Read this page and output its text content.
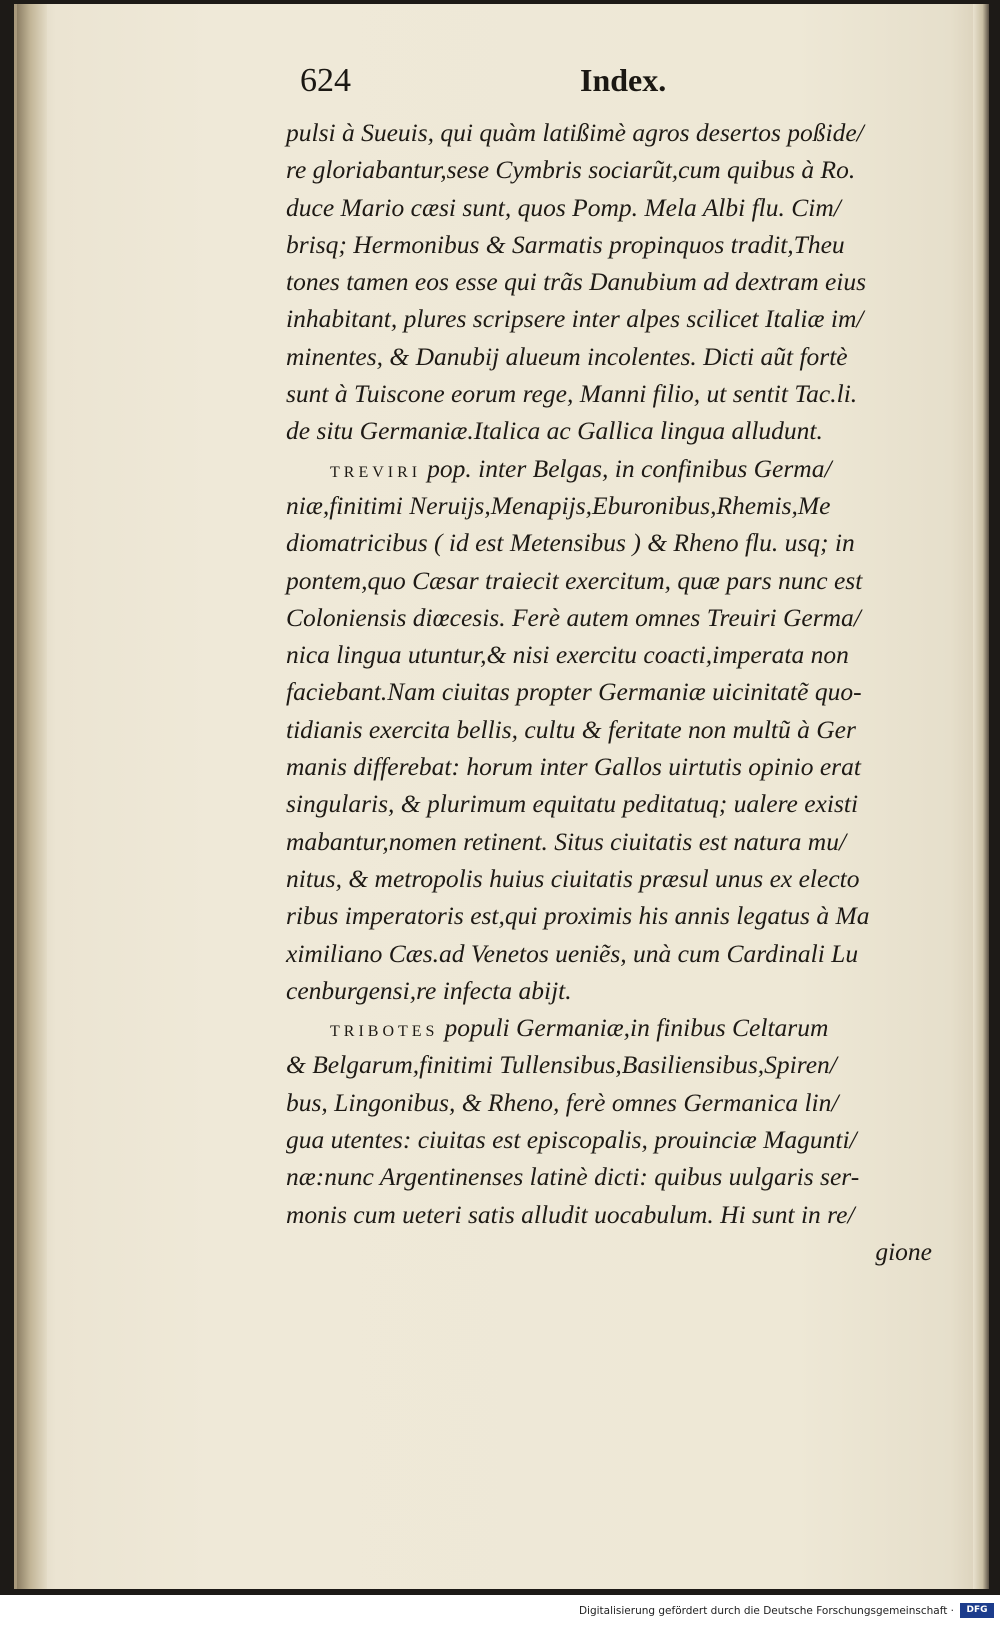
624	Index.
pulsi à Sueuis, qui quàm latißimè agros desertos poßide/
re gloriabantur,sese Cymbris sociarũt,cum quibus à Ro.
duce Mario cæsi sunt, quos Pomp. Mela Albi flu. Cim/
brisq; Hermonibus & Sarmatis propinquos tradit,Theu
tones tamen eos esse qui trãs Danubium ad dextram eius
inhabitant, plures scripsere inter alpes scilicet Italiæ im/
minentes, & Danubij alueum incolentes. Dicti aũt fortè
sunt à Tuiscone eorum rege, Manni filio, ut sentit Tac.li.
de situ Germaniæ.Italica ac Gallica lingua alludunt.
TREVIRI pop. inter Belgas, in confinibus Germa/
niæ,finitimi Neruijs,Menapijs,Eburonibus,Rhemis,Me
diomatricibus ( id est Metensibus ) & Rheno flu. usq; in
pontem,quo Cæsar traiecit exercitum, quæ pars nunc est
Coloniensis diœcesis. Ferè autem omnes Treuiri Germa/
nica lingua utuntur,& nisi exercitu coacti,imperata non
faciebant.Nam ciuitas propter Germaniæ uicinitatẽ quo-
tidianis exercita bellis, cultu & feritate non multũ à Ger
manis differebat: horum inter Gallos uirtutis opinio erat
singularis, & plurimum equitatu peditatuq; ualere existi
mabantur,nomen retinent. Situs ciuitatis est natura mu/
nitus, & metropolis huius ciuitatis præsul unus ex electo
ribus imperatoris est,qui proximis his annis legatus à Ma
ximiliano Cæs.ad Venetos ueniẽs, unà cum Cardinali Lu
cenburgensi,re infecta abijt.
TRIBOTES populi Germaniæ,in finibus Celtarum
& Belgarum,finitimi Tullensibus,Basiliensibus,Spiren/
bus, Lingonibus, & Rheno, ferè omnes Germanica lin/
gua utentes: ciuitas est episcopalis, prouinciæ Magunti/
næ:nunc Argentinenses latinè dicti: quibus uulgaris ser-
monis cum ueteri satis alludit uocabulum. Hi sunt in re/
gione
Digitalisierung gefördert durch die Deutsche Forschungsgemeinschaft ·	DFG
